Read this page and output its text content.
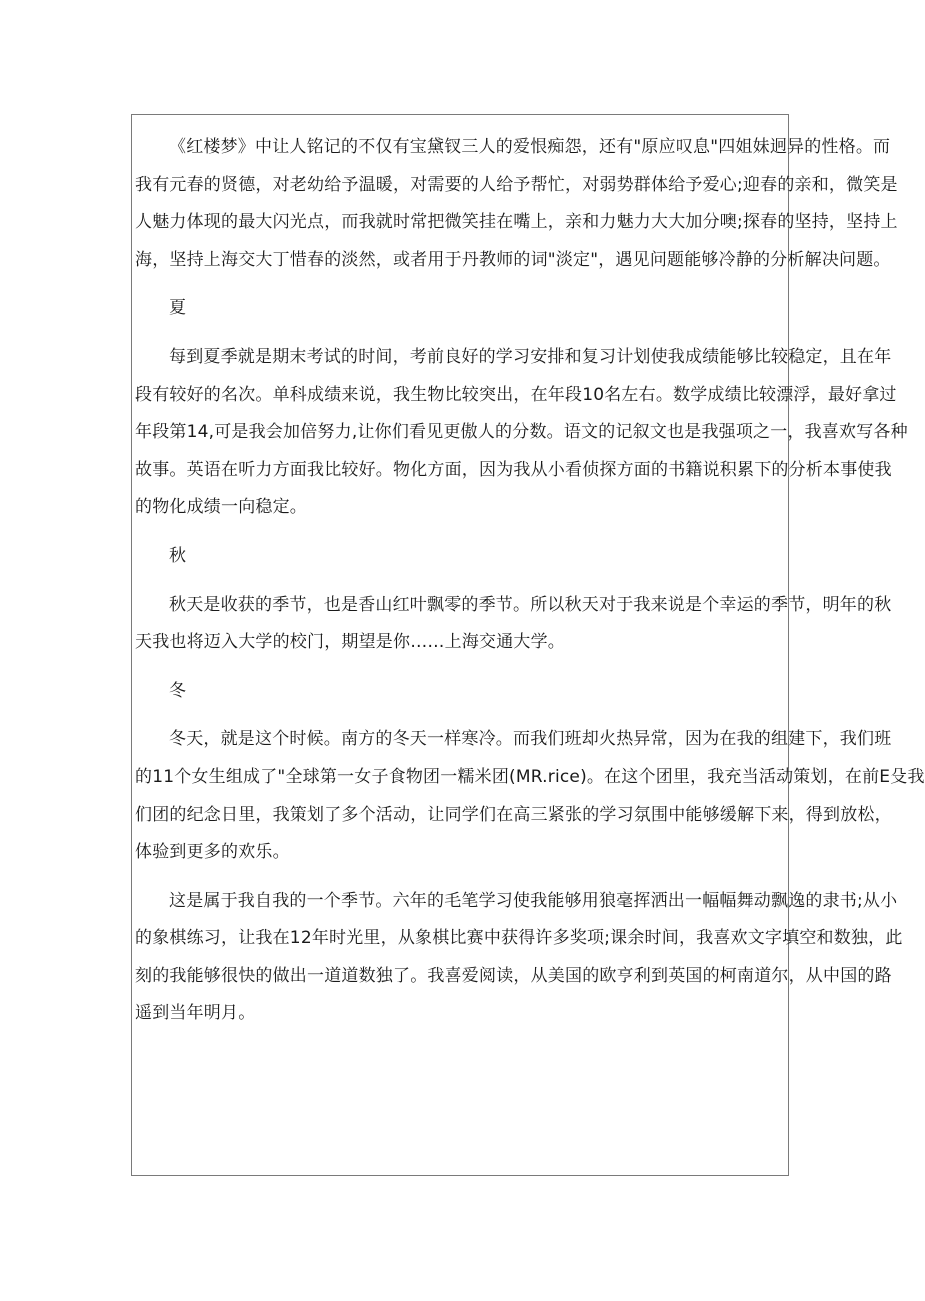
《红楼梦》中让人铭记的不仅有宝黛钗三人的爱恨痴怨，还有"原应叹息"四姐妹迥异的性格。而

我有元春的贤德，对老幼给予温暖，对需要的人给予帮忙，对弱势群体给予爱心;迎春的亲和，微笑是

人魅力体现的最大闪光点，而我就时常把微笑挂在嘴上，亲和力魅力大大加分噢;探春的坚持，坚持上

海，坚持上海交大丁惜春的淡然，或者用于丹教师的词"淡定"，遇见问题能够冷静的分析解决问题。

夏

每到夏季就是期末考试的时间，考前良好的学习安排和复习计划使我成绩能够比较稳定，且在年

段有较好的名次。单科成绩来说，我生物比较突出，在年段10名左右。数学成绩比较漂浮，最好拿过

年段第14,可是我会加倍努力,让你们看见更傲人的分数。语文的记叙文也是我强项之一，我喜欢写各种

故事。英语在听力方面我比较好。物化方面，因为我从小看侦探方面的书籍说积累下的分析本事使我

的物化成绩一向稳定。

秋

秋天是收获的季节，也是香山红叶飘零的季节。所以秋天对于我来说是个幸运的季节，明年的秋

天我也将迈入大学的校门，期望是你……上海交通大学。

冬

冬天，就是这个时候。南方的冬天一样寒冷。而我们班却火热异常，因为在我的组建下，我们班

的11个女生组成了"全球第一女子食物团一糯米团(MR.rice)。在这个团里，我充当活动策划，在前E殳我

们团的纪念日里，我策划了多个活动，让同学们在高三紧张的学习氛围中能够缓解下来，得到放松，

体验到更多的欢乐。

这是属于我自我的一个季节。六年的毛笔学习使我能够用狼毫挥洒出一幅幅舞动飘逸的隶书;从小

的象棋练习，让我在12年时光里，从象棋比赛中获得许多奖项;课余时间，我喜欢文字填空和数独，此

刻的我能够很快的做出一道道数独了。我喜爱阅读，从美国的欧亨利到英国的柯南道尔，从中国的路

遥到当年明月。
